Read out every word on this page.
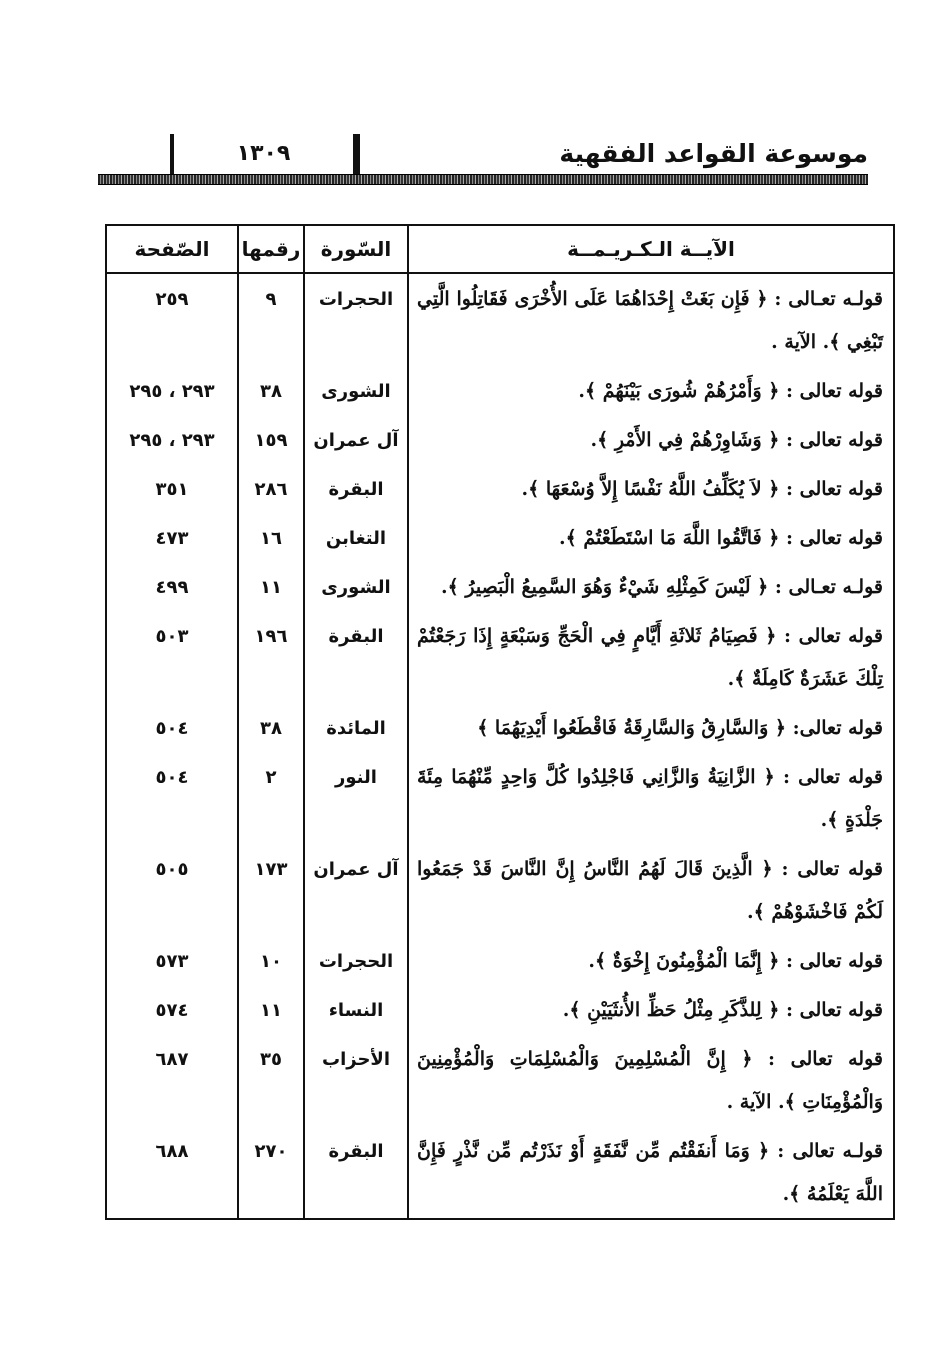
١٣٠٩	موسوعة القواعد الفقهية
الآيــة الـكـريـمــة	السّورة	رقمها	الصّفحة
قولـه تعـالى : ﴿ فَإِن بَغَتْ إِحْدَاهُمَا عَلَى الأُخْرَى فَقَاتِلُوا الَّتِي تَبْغِي ﴾. الآية .	الحجرات	٩	٢٥٩
قوله تعالى : ﴿ وَأَمْرُهُمْ شُورَى بَيْنَهُمْ ﴾.	الشورى	٣٨	٢٩٣ ، ٢٩٥
قوله تعالى : ﴿ وَشَاوِرْهُمْ فِي الأَمْرِ ﴾.	آل عمران	١٥٩	٢٩٣ ، ٢٩٥
قوله تعالى : ﴿ لاَ يُكَلِّفُ اللَّهُ نَفْسًا إِلاَّ وُسْعَهَا ﴾.	البقرة	٢٨٦	٣٥١
قوله تعالى : ﴿ فَاتَّقُوا اللَّهَ مَا اسْتَطَعْتُمْ ﴾.	التغابن	١٦	٤٧٣
قولـه تعـالى : ﴿ لَيْسَ كَمِثْلِهِ شَيْءٌ وَهُوَ السَّمِيعُ الْبَصِيرُ ﴾.	الشورى	١١	٤٩٩
قوله تعالى : ﴿ فَصِيَامُ ثَلاثَةِ أَيَّامٍ فِي الْحَجِّ وَسَبْعَةٍ إِذَا رَجَعْتُمْ تِلْكَ عَشَرَةٌ كَامِلَةٌ ﴾.	البقرة	١٩٦	٥٠٣
قوله تعالى: ﴿ وَالسَّارِقُ وَالسَّارِقَةُ فَاقْطَعُوا أَيْدِيَهُمَا ﴾	المائدة	٣٨	٥٠٤
قوله تعالى : ﴿ الزَّانِيَةُ وَالزَّانِي فَاجْلِدُوا كُلَّ وَاحِدٍ مِّنْهُمَا مِئَةَ جَلْدَةٍ ﴾.	النور	٢	٥٠٤
قوله تعالى : ﴿ الَّذِينَ قَالَ لَهُمُ النَّاسُ إِنَّ النَّاسَ قَدْ جَمَعُوا لَكُمْ فَاخْشَوْهُمْ ﴾.	آل عمران	١٧٣	٥٠٥
قوله تعالى : ﴿ إِنَّمَا الْمُؤْمِنُونَ إِخْوَةٌ ﴾.	الحجرات	١٠	٥٧٣
قوله تعالى : ﴿ لِلذَّكَرِ مِثْلُ حَظِّ الأُنثَيَيْنِ ﴾.	النساء	١١	٥٧٤
قوله تعالى : ﴿ إِنَّ الْمُسْلِمِينَ وَالْمُسْلِمَاتِ وَالْمُؤْمِنِينَ وَالْمُؤْمِنَاتِ ﴾. الآية .	الأحزاب	٣٥	٦٨٧
قولـه تعالى : ﴿ وَمَا أَنفَقْتُم مِّن نَّفَقَةٍ أَوْ نَذَرْتُم مِّن نَّذْرٍ فَإِنَّ اللَّهَ يَعْلَمُهُ ﴾.	البقرة	٢٧٠	٦٨٨
